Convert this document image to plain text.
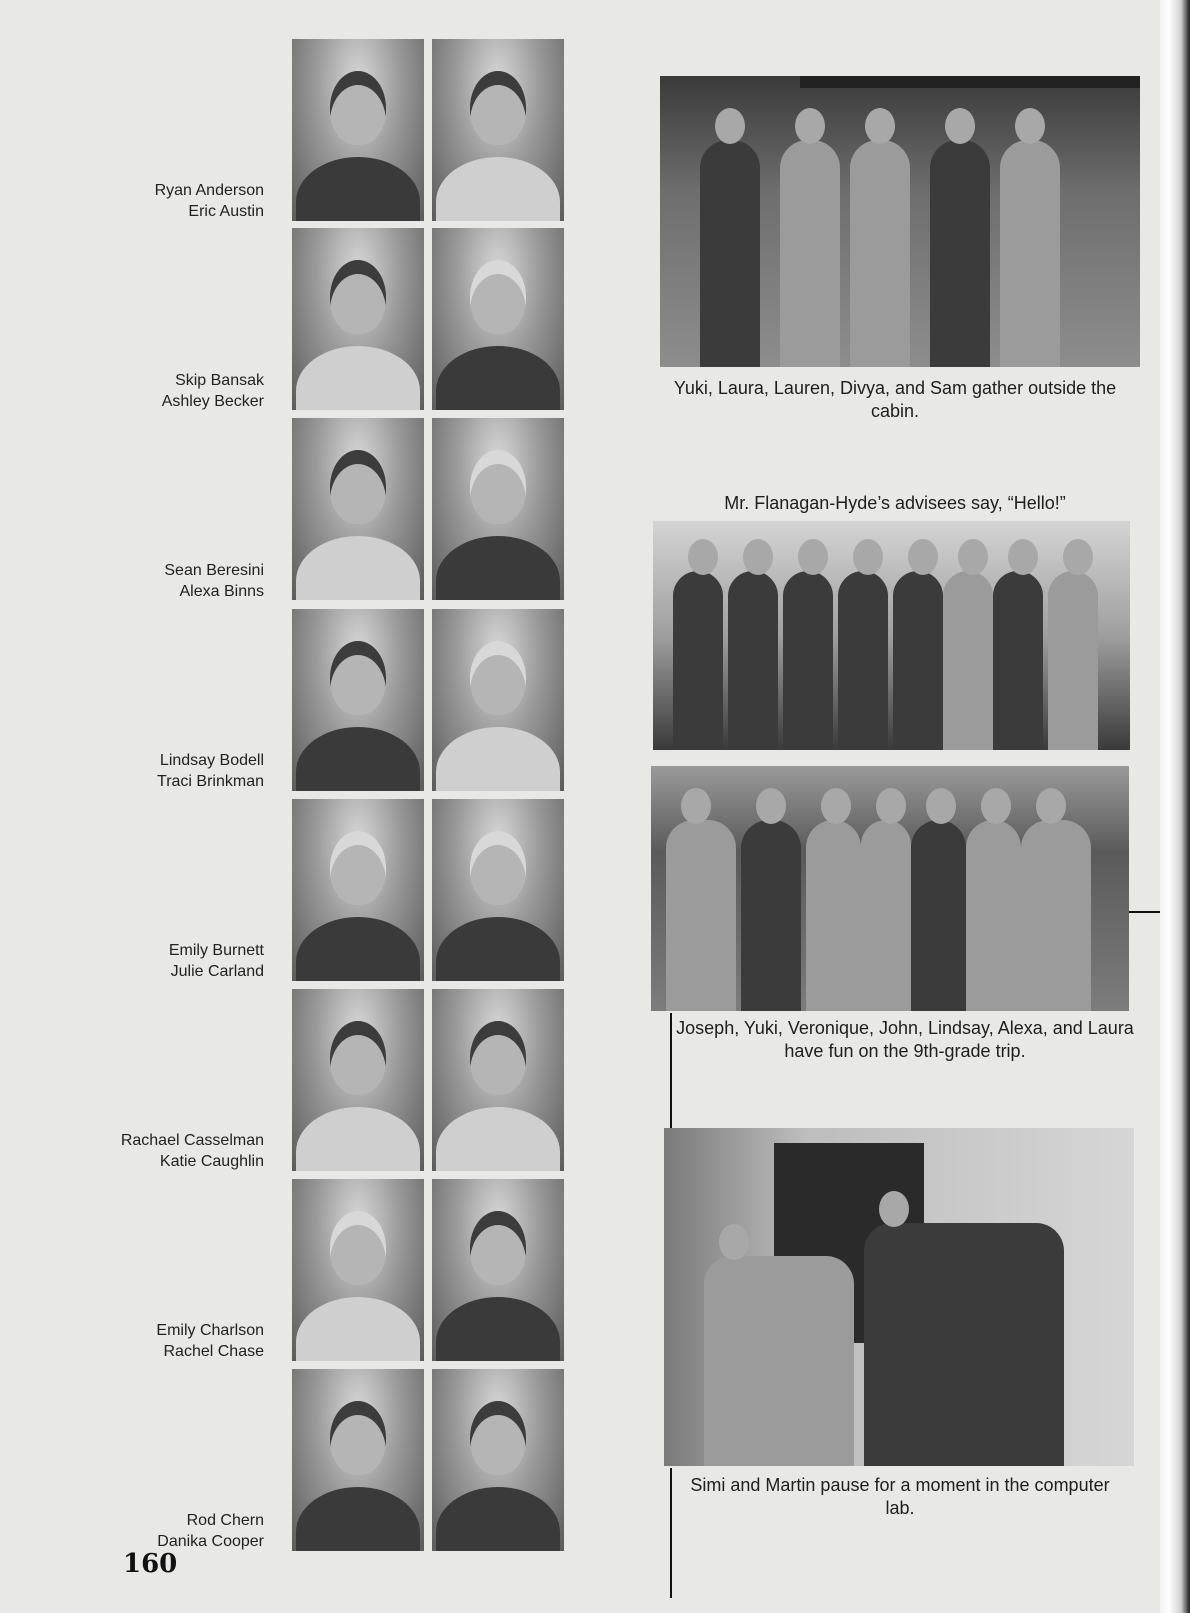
Ryan Anderson
Eric Austin
Skip Bansak
Ashley Becker
Sean Beresini
Alexa Binns
Lindsay Bodell
Traci Brinkman
Emily Burnett
Julie Carland
Rachael Casselman
Katie Caughlin
Emily Charlson
Rachel Chase
Rod Chern
Danika Cooper
Yuki, Laura, Lauren, Divya, and Sam gather outside the cabin.
Mr. Flanagan-Hyde’s advisees say, “Hello!”
Joseph, Yuki, Veronique, John, Lindsay, Alexa, and Laura have fun on the 9th-grade trip.
Simi and Martin pause for a moment in the computer lab.
160
